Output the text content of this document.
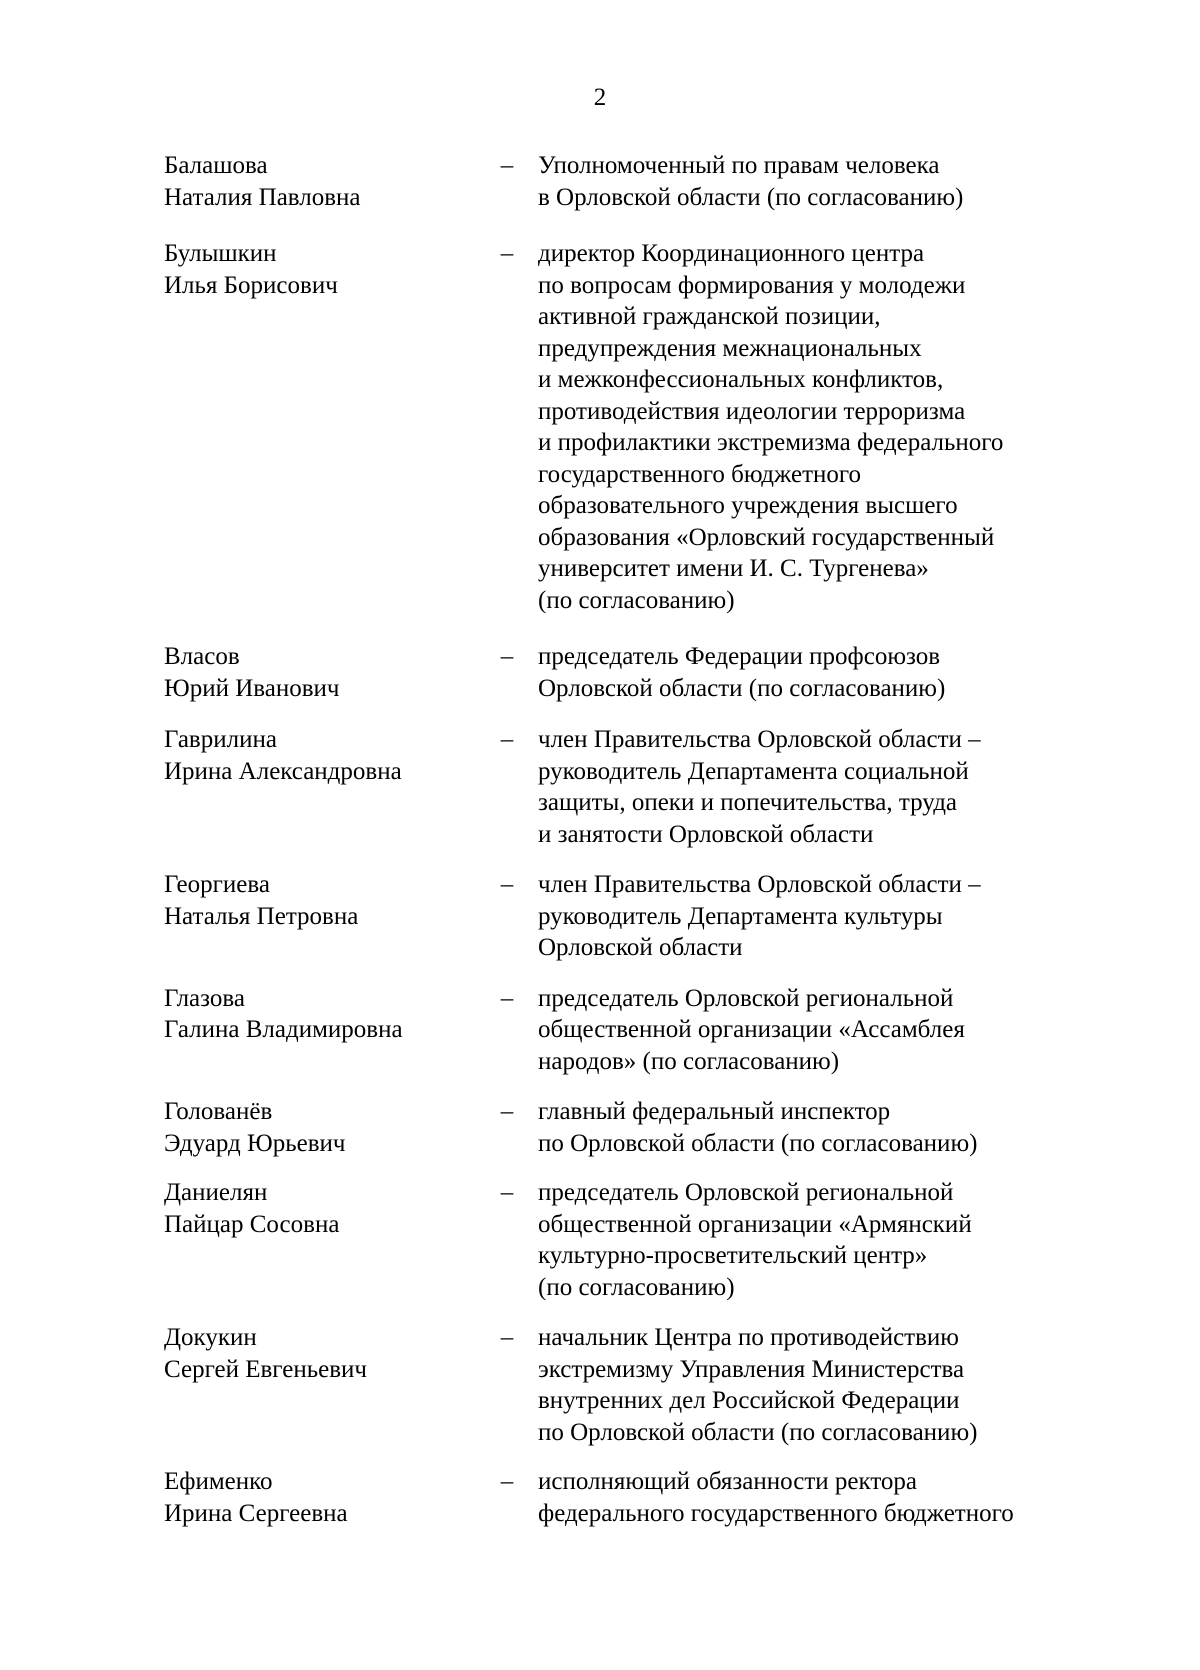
2
Балашова
Наталия Павловна
– Уполномоченный по правам человека
в Орловской области (по согласованию)
Булышкин
Илья Борисович
– директор Координационного центра
по вопросам формирования у молодежи
активной гражданской позиции,
предупреждения межнациональных
и межконфессиональных конфликтов,
противодействия идеологии терроризма
и профилактики экстремизма федерального
государственного бюджетного
образовательного учреждения высшего
образования «Орловский государственный
университет имени И. С. Тургенева»
(по согласованию)
Власов
Юрий Иванович
– председатель Федерации профсоюзов
Орловской области (по согласованию)
Гаврилина
Ирина Александровна
– член Правительства Орловской области –
руководитель Департамента социальной
защиты, опеки и попечительства, труда
и занятости Орловской области
Георгиева
Наталья Петровна
– член Правительства Орловской области –
руководитель Департамента культуры
Орловской области
Глазова
Галина Владимировна
– председатель Орловской региональной
общественной организации «Ассамблея
народов» (по согласованию)
Голованёв
Эдуард Юрьевич
– главный федеральный инспектор
по Орловской области (по согласованию)
Даниелян
Пайцар Сосовна
– председатель Орловской региональной
общественной организации «Армянский
культурно-просветительский центр»
(по согласованию)
Докукин
Сергей Евгеньевич
– начальник Центра по противодействию
экстремизму Управления Министерства
внутренних дел Российской Федерации
по Орловской области (по согласованию)
Ефименко
Ирина Сергеевна
– исполняющий обязанности ректора
федерального государственного бюджетного
